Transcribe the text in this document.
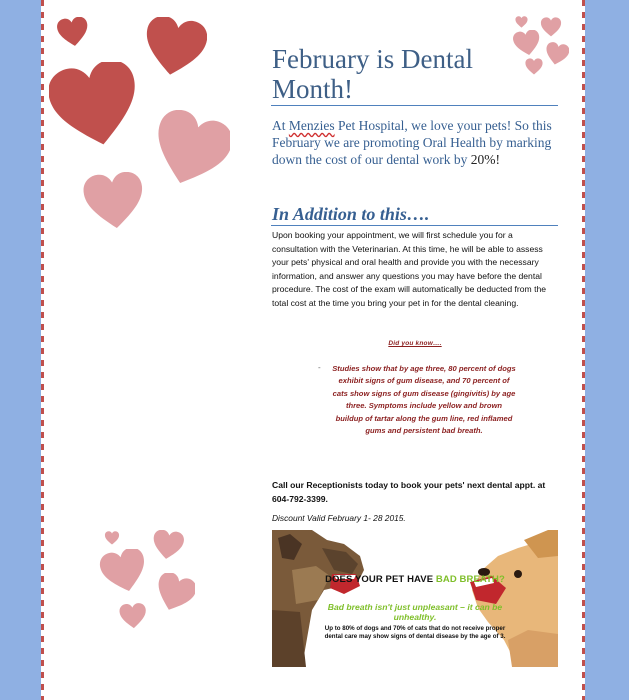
February is Dental Month!

At Menzies Pet Hospital, we love your pets! So this February we are promoting Oral Health by marking down the cost of our dental work by 20%!

In Addition to this….

Upon booking your appointment, we will first schedule you for a consultation with the Veterinarian. At this time, he will be able to assess your pets' physical and oral health and provide you with the necessary information, and answer any questions you may have before the dental procedure. The cost of the exam will automatically be deducted from the total cost at the time you bring your pet in for the dental cleaning.

Did you know….
- Studies show that by age three, 80 percent of dogs exhibit signs of gum disease, and 70 percent of cats show signs of gum disease (gingivitis) by age three. Symptoms include yellow and brown buildup of tartar along the gum line, red inflamed gums and persistent bad breath.
Call our Receptionists today to book your pets' next dental appt. at 604-792-3399.
Discount Valid February 1- 28 2015.
DOES YOUR PET HAVE BAD BREATH?
Bad breath isn't just unpleasant – it can be unhealthy.
Up to 80% of dogs and 70% of cats that do not receive proper dental care may show signs of dental disease by the age of 3.
